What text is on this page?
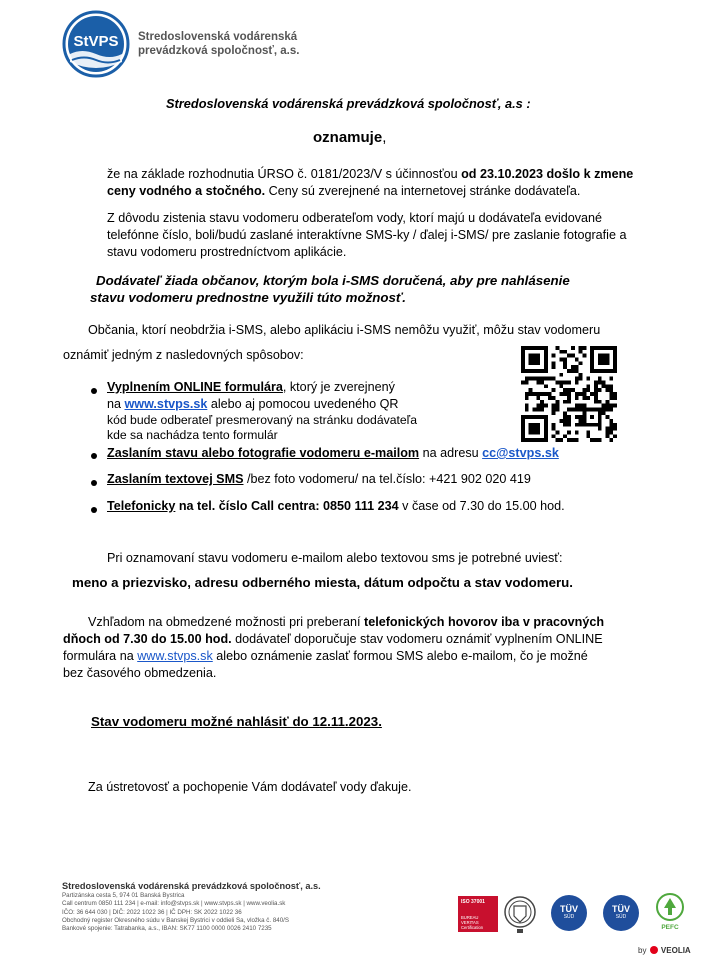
StVPS Stredoslovenská vodárenská
prevádzková spoločnosť, a.s.
Stredoslovenská vodárenská prevádzková spoločnosť, a.s :
oznamuje,
že na základe rozhodnutia ÚRSO č. 0181/2023/V s účinnosťou od 23.10.2023 došlo k zmene
ceny vodného a stočného. Ceny sú zverejnené na internetovej stránke dodávateľa.
Z dôvodu zistenia stavu vodomeru odberateľom vody, ktorí majú u dodávateľa evidované
telefónne číslo, boli/budú zaslané interaktívne SMS-ky / ďalej i-SMS/ pre zaslanie fotografie a
stavu vodomeru prostredníctvom aplikácie.
Dodávateľ žiada občanov, ktorým bola i-SMS doručená, aby pre nahlásenie
stavu vodomeru prednostne využili túto možnosť.
Občania, ktorí neobdržia i-SMS, alebo aplikáciu i-SMS nemôžu využiť, môžu stav vodomeru
oznámiť jedným z nasledovných spôsobov:
Vyplnením ONLINE formulára, ktorý je zverejnený
na www.stvps.sk alebo aj pomocou uvedeného QR
kód bude odberateľ presmerovaný na stránku dodávateľa
kde sa nachádza tento formulár
Zaslaním stavu alebo fotografie vodomeru e-mailom na adresu cc@stvps.sk
Zaslaním textovej SMS /bez foto vodomeru/ na tel.číslo: +421 902 020 419
Telefonicky na tel. číslo Call centra: 0850 111 234 v čase od 7.30 do 15.00 hod.
Pri oznamovaní stavu vodomeru e-mailom alebo textovou sms je potrebné uviesť:
meno a priezvisko, adresu odberného miesta, dátum odpočtu a stav vodomeru.
Vzhľadom na obmedzené možnosti pri preberaní telefonických hovorov iba v pracovných
dňoch od 7.30 do 15.00 hod. dodávateľ doporučuje stav vodomeru oznámiť vyplnením ONLINE
formulára na www.stvps.sk alebo oznámenie zaslať formou SMS alebo e-mailom, čo je možné
bez časového obmedzenia.
Stav vodomeru možné nahlásiť do 12.11.2023.
Za ústretovosť a pochopenie Vám dodávateľ vody ďakuje.
Stredoslovenská vodárenská prevádzková spoločnosť, a.s.
Partizánska cesta 5, 974 01 Banská Bystrica
Call centrum 0850 111 234 | e-mail: info@stvps.sk | www.stvps.sk | www.veolia.sk
IČO: 36 644 030 | DIČ: 2022 1022 36 | IČ DPH: SK 2022 1022 36
Obchodný register Okresného súdu v Banskej Bystrici v oddieli Sa, vložka č. 840/S
Bankové spojenie: Tatrabanka, a.s., IBAN: SK77 1100 0000 0026 2410 7235
ISO 37001
BUREAU VERITAS
Certification
TÜV
SÜD
TÜV
SÜD
PEFC
by VEOLIA
